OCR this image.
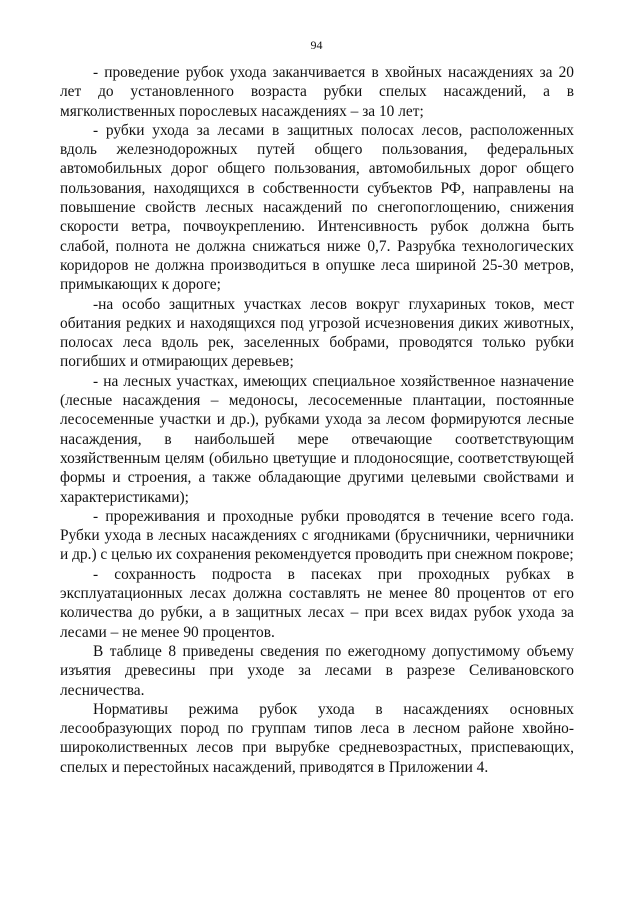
94

- проведение рубок ухода заканчивается в хвойных насаждениях за 20 лет до установленного возраста рубки спелых насаждений, а в мягколиственных порослевых насаждениях – за 10 лет;

- рубки ухода за лесами в защитных полосах лесов, расположенных вдоль железнодорожных путей общего пользования, федеральных автомобильных дорог общего пользования, автомобильных дорог общего пользования, находящихся в собственности субъектов РФ, направлены на повышение свойств лесных насаждений по снегопоглощению, снижения скорости ветра, почвоукреплению. Интенсивность рубок должна быть слабой, полнота не должна снижаться ниже 0,7. Разрубка технологических коридоров не должна производиться в опушке леса шириной 25-30 метров, примыкающих к дороге;

-на особо защитных участках лесов вокруг глухариных токов, мест обитания редких и находящихся под угрозой исчезновения диких животных, полосах леса вдоль рек, заселенных бобрами, проводятся только рубки погибших и отмирающих деревьев;

- на лесных участках, имеющих специальное хозяйственное назначение (лесные насаждения – медоносы, лесосеменные плантации, постоянные лесосеменные участки и др.), рубками ухода за лесом формируются лесные насаждения, в наибольшей мере отвечающие соответствующим хозяйственным целям (обильно цветущие и плодоносящие, соответствующей формы и строения, а также обладающие другими целевыми свойствами и характеристиками);

- прореживания и проходные рубки проводятся в течение всего года. Рубки ухода в лесных насаждениях с ягодниками (брусничники, черничники и др.) с целью их сохранения рекомендуется проводить при снежном покрове;

- сохранность подроста в пасеках при проходных рубках в эксплуатационных лесах должна составлять не менее 80 процентов от его количества до рубки, а в защитных лесах – при всех видах рубок ухода за лесами – не менее 90 процентов.

В таблице 8 приведены сведения по ежегодному допустимому объему изъятия древесины при уходе за лесами в разрезе Селивановского лесничества.

Нормативы режима рубок ухода в насаждениях основных лесообразующих пород по группам типов леса в лесном районе хвойно-широколиственных лесов при вырубке средневозрастных, приспевающих, спелых и перестойных насаждений, приводятся в Приложении 4.
